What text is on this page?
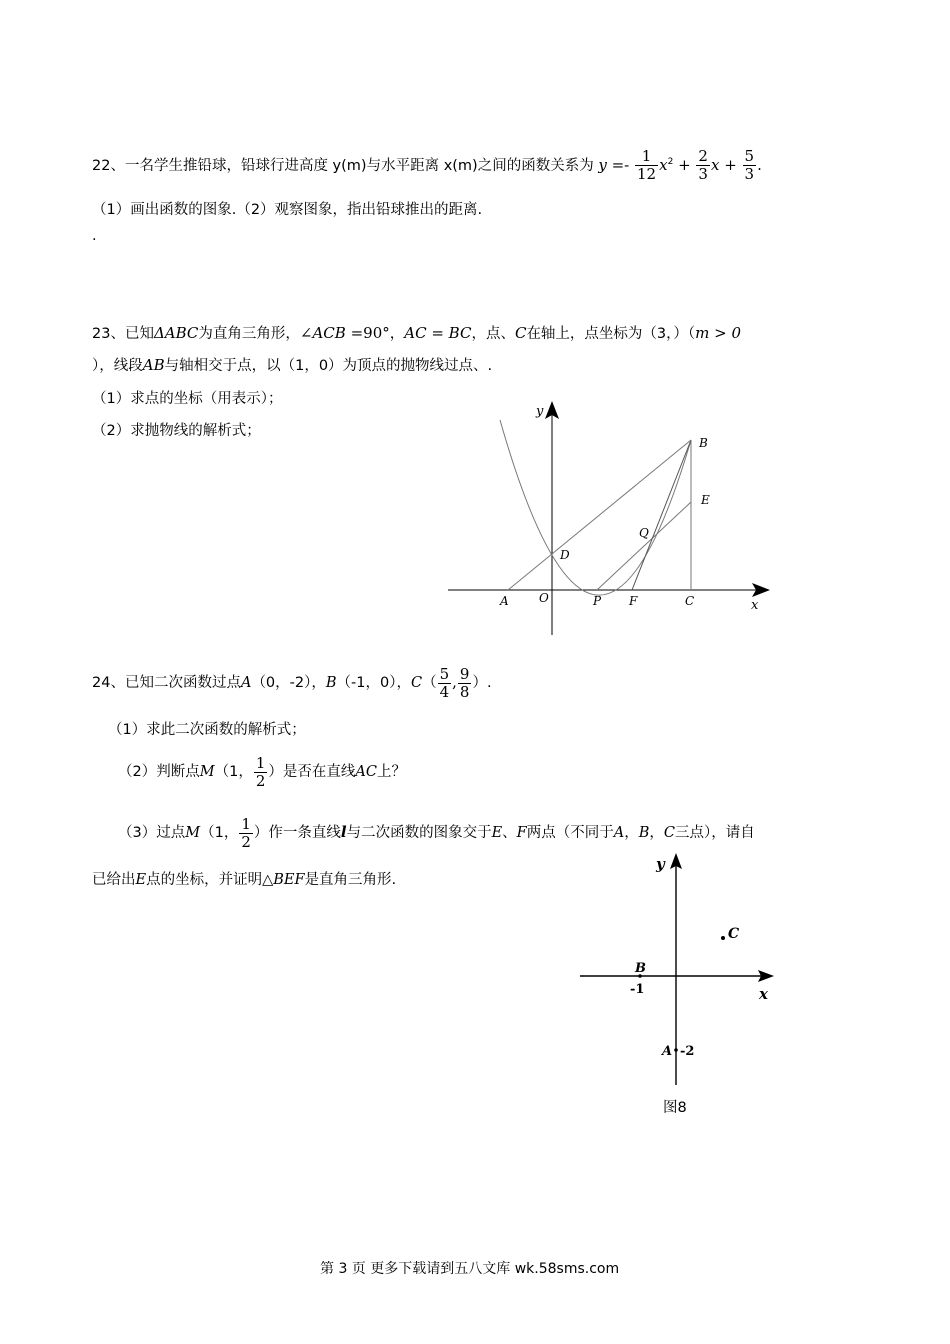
22、一名学生推铅球，铅球行进高度 y(m)与水平距离 x(m)之间的函数关系为 $y =- \frac{1}{12} x^2 + \frac{2}{3}$ $x + \frac{5}{3}$ .
（1）画出函数的图象.（2）观察图象，指出铅球推出的距离.
.
23、已知ΔABC为直角三角形，∠ACB =90°，AC = BC，点、C在轴上，点坐标为（3，）（m > 0
），线段AB与轴相交于点，以（1，0）为顶点的抛物线过点、.
（1）求点的坐标（用表示）；
（2）求抛物线的解析式；
y
x
A	O	P F	C
B
E
Q
D
24、已知二次函数过点A（0，-2），B（-1，0），$C( \frac{5}{4}$ , $\frac{9}{8}$ ）.
（1）求此二次函数的解析式；
（2）判断点M（1， $\frac{1}{2}$ ）是否在直线AC上？
（3）过点M（1， $\frac{1}{2}$ ）作一条直线l与二次函数的图象交于E、F两点（不同于A，B，C三点），请自
已给出E点的坐标，并证明△BEF是直角三角形.
y
x
C
B
-1
A -2
图8
第 3 页 更多下载请到五八文库 wk.58sms.com
